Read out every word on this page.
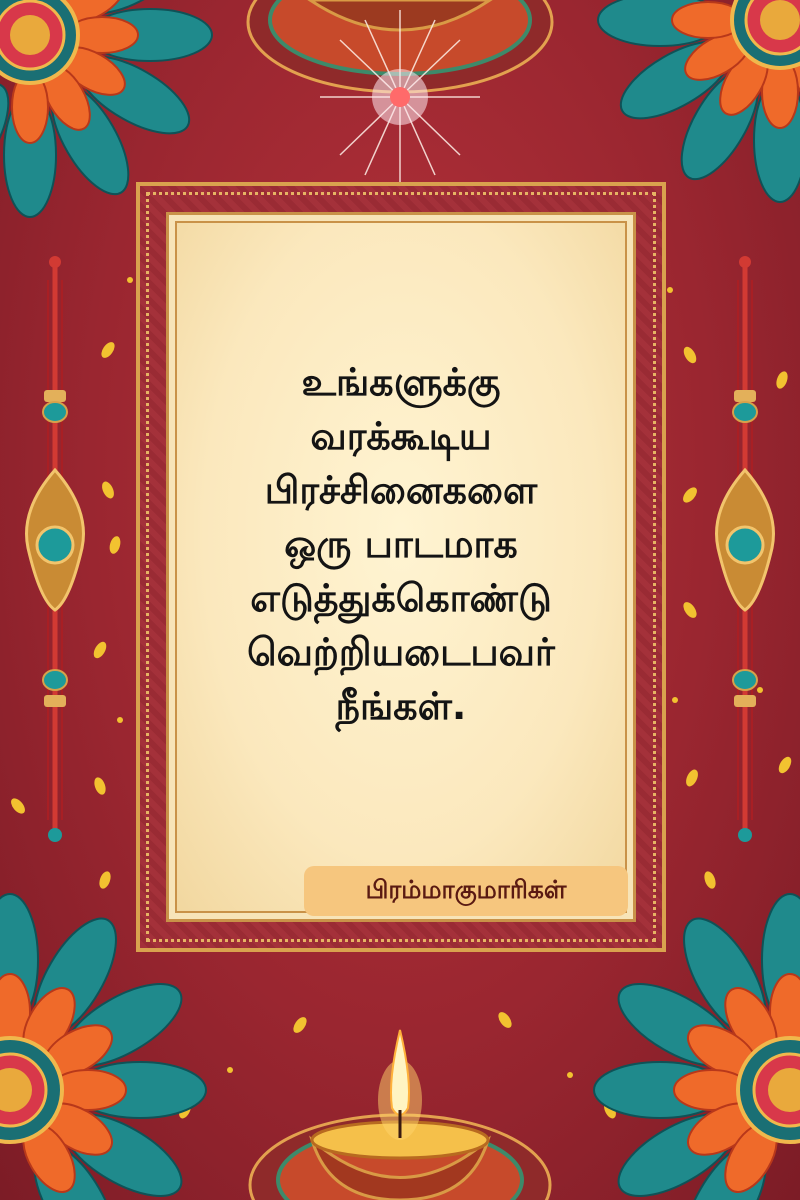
உங்களுக்கு
வரக்கூடிய
பிரச்சினைகளை
ஒரு பாடமாக
எடுத்துக்கொண்டு
வெற்றியடைபவர்
நீங்கள்.

பிரம்மாகுமாரிகள்
